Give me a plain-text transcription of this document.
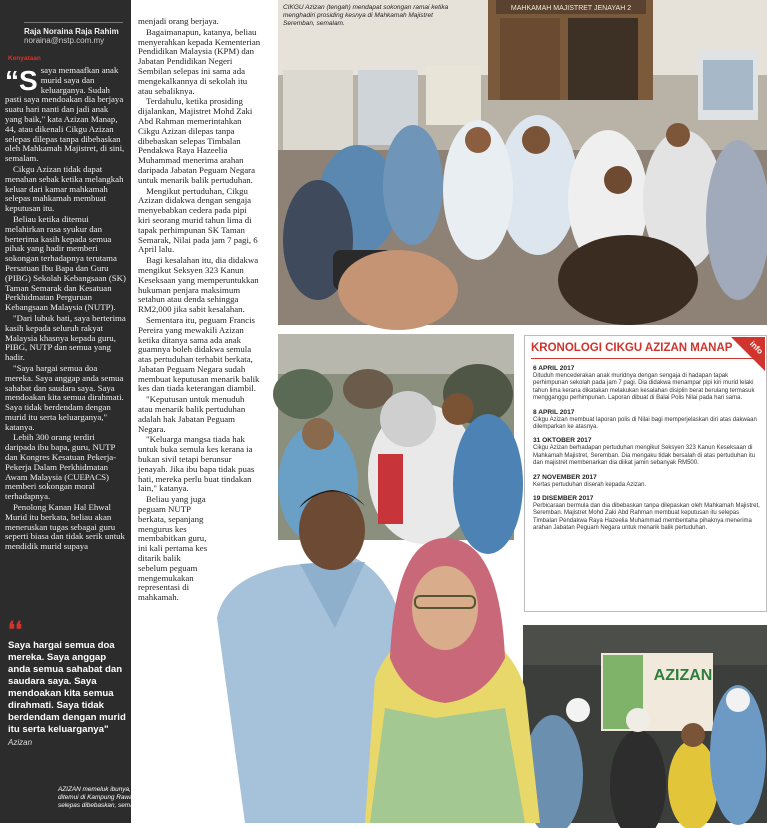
Raja Noraina Raja Rahim
noraina@nstp.com.my
Kenyataan

“Ssaya memaafkan anak murid saya dan keluarganya. Sudah pasti saya mendoakan dia berjaya suatu hari nanti dan jadi anak yang baik," kata Azizan Manap, 44, atau dikenali Cikgu Azizan selepas dilepas tanpa dibebaskan oleh Mahkamah Majistret, di sini, semalam.

Cikgu Azizan tidak dapat menahan sebak ketika melangkah keluar dari kamar mahkamah selepas mahkamah membuat keputusan itu.

Beliau ketika ditemui melahirkan rasa syukur dan berterima kasih kepada semua pihak yang hadir memberi sokongan terhadapnya terutama Persatuan Ibu Bapa dan Guru (PIBG) Sekolah Kebangsaan (SK) Taman Semarak dan Kesatuan Perkhidmatan Perguruan Kebangsaan Malaysia (NUTP).

"Dari lubuk hati, saya berterima kasih kepada seluruh rakyat Malaysia khasnya kepada guru, PIBG, NUTP dan semua yang hadir.

"Saya hargai semua doa mereka. Saya anggap anda semua sahabat dan saudara saya. Saya mendoakan kita semua dirahmati. Saya tidak berdendam dengan murid itu serta keluarganya," katanya.

Lebih 300 orang terdiri daripada ibu bapa, guru, NUTP dan Kongres Kesatuan Pekerja-Pekerja Dalam Perkhidmatan Awam Malaysia (CUEPACS) memberi sokongan moral terhadapnya.

Penolong Kanan Hal Ehwal Murid itu berkata, beliau akan meneruskan tugas sebagai guru seperti biasa dan tidak serik untuk mendidik murid supaya

❛❛
Saya hargai semua doa mereka. Saya anggap anda semua sahabat dan saudara saya. Saya mendoakan kita semua dirahmati. Saya tidak berdendam dengan murid itu serta keluarganya"
Azizan

menjadi orang berjaya.

Bagaimanapun, katanya, beliau menyerahkan kepada Kementerian Pendidikan Malaysia (KPM) dan Jabatan Pendidikan Negeri Sembilan selepas ini sama ada mengekalkannya di sekolah itu atau sebaliknya.

Terdahulu, ketika prosiding dijalankan, Majistret Mohd Zaki Abd Rahman memerintahkan Cikgu Azizan dilepas tanpa dibebaskan selepas Timbalan Pendakwa Raya Hazeelia Muhammad menerima arahan daripada Jabatan Peguam Negara untuk menarik balik pertuduhan.

Mengikut pertuduhan, Cikgu Azizan didakwa dengan sengaja menyebabkan cedera pada pipi kiri seorang murid tahun lima di tapak perhimpunan SK Taman Semarak, Nilai pada jam 7 pagi, 6 April lalu.

Bagi kesalahan itu, dia didakwa mengikut Seksyen 323 Kanun Keseksaan yang memperuntukkan hukuman penjara maksimum setahun atau denda sehingga RM2,000 jika sabit kesalahan.

Sementara itu, peguam Francis Pereira yang mewakili Azizan ketika ditanya sama ada anak guamnya boleh didakwa semula atas pertuduhan terhabit berkata, Jabatan Peguam Negara sudah membuat keputusan menarik balik kes dan tiada keterangan diambil.

"Keputusan untuk menuduh atau menarik balik pertuduhan adalah hak Jabatan Peguam Negara.

"Keluarga mangsa tiada hak untuk buka semula kes kerana ia bukan sivil tetapi berunsur jenayah. Jika ibu bapa tidak puas hati, mereka perlu buat tindakan lain," katanya.

Beliau yang juga peguam NUTP berkata, sepanjang mengurus kes membabitkan guru, ini kali pertama kes ditarik balik sebelum peguam mengemukakan representasi di mahkamah.

MAHKAMAH MAJISTRET JENAYAH 2
CIKGU Azizan (tengah) mendapat sokongan ramai ketika menghadiri prosiding kesnya di Mahkamah Majistret Seremban, semalam.
KRONOLOGI CIKGU AZIZAN MANAP
6 APRIL 2017
Dituduh mencederakan anak muridnya dengan sengaja di hadapan tapak perhimpunan sekolah pada jam 7 pagi. Dia didakwa menampar pipi kiri murid lelaki tahun lima kerana dikatakan melakukan kesalahan disiplin berat berulang termasuk mengganggu perhimpunan. Laporan dibuat di Balai Polis Nilai pada hari sama.
8 APRIL 2017
Cikgu Azizan membuat laporan polis di Nilai bagi memperjelaskan diri atas dakwaan dilemparkan ke atasnya.
31 OKTOBER 2017
Cikgu Azizan berhadapan pertuduhan mengikut Seksyen 323 Kanun Keseksaan di Mahkamah Majistret, Seremban. Dia mengaku tidak bersalah di atas pertuduhan itu dan majistret membenarkan dia diikat jamin sebanyak RM500.
27 NOVEMBER 2017
Kertas pertuduhan diserah kepada Azizan.
19 DISEMBER 2017
Perbicaraan bermula dan dia dibebaskan tanpa dilepaskan oleh Mahkamah Majistret, Seremban. Majistret Mohd Zaki Abd Rahman membuat keputusan itu selepas Timbalan Pendakwa Raya Hazeelia Muhammad membentaha pihaknya menerima arahan Jabatan Peguam Negara untuk menarik balik pertuduhan.
info
AZIZAN
AZIZAN memeluk ibunya, Rohani Yassin ketika ditemui di Kampung Rawa Hilir, Lenggeng, Nilai selepas dibebaskan, semalam.
